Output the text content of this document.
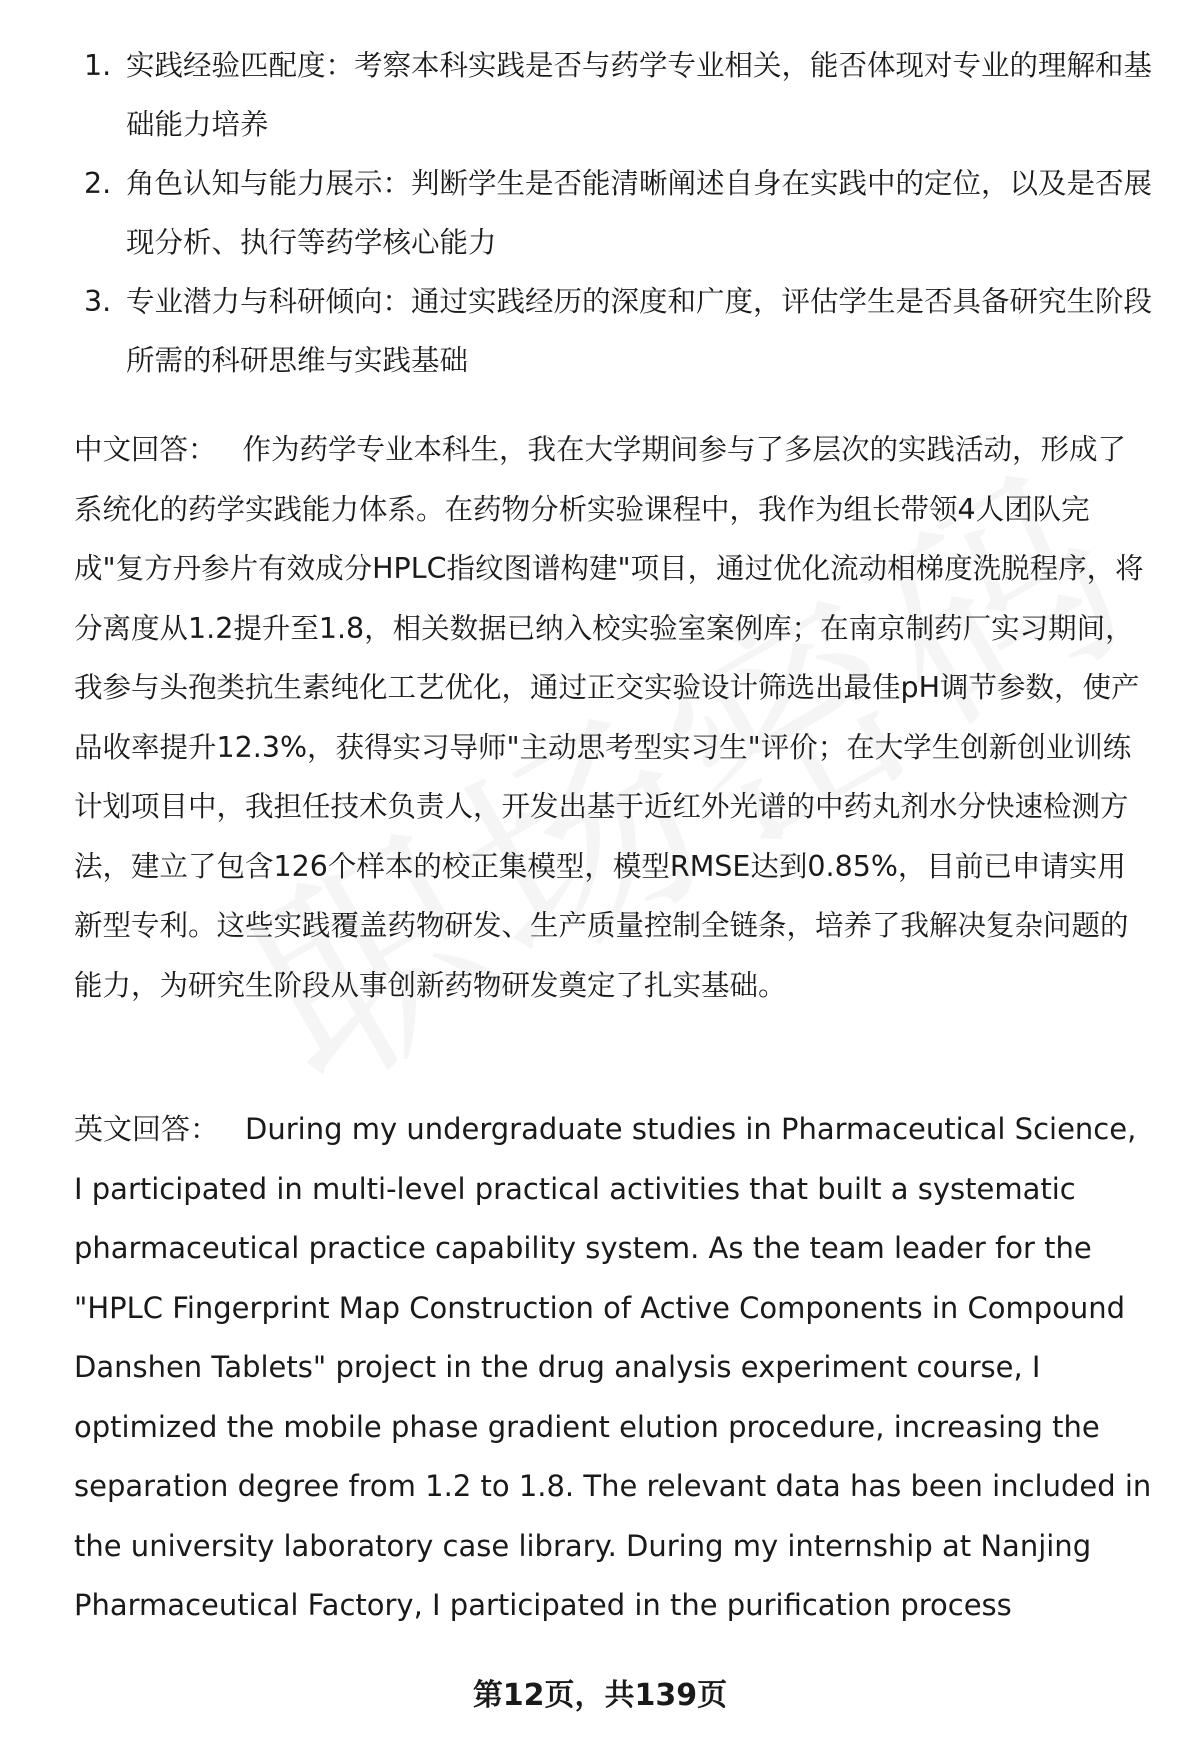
1. 实践经验匹配度：考察本科实践是否与药学专业相关，能否体现对专业的理解和基础能力培养
2. 角色认知与能力展示：判断学生是否能清晰阐述自身在实践中的定位，以及是否展现分析、执行等药学核心能力
3. 专业潜力与科研倾向：通过实践经历的深度和广度，评估学生是否具备研究生阶段所需的科研思维与实践基础
中文回答： 作为药学专业本科生，我在大学期间参与了多层次的实践活动，形成了系统化的药学实践能力体系。在药物分析实验课程中，我作为组长带领4人团队完成"复方丹参片有效成分HPLC指纹图谱构建"项目，通过优化流动相梯度洗脱程序，将分离度从1.2提升至1.8，相关数据已纳入校实验室案例库；在南京制药厂实习期间，我参与头孢类抗生素纯化工艺优化，通过正交实验设计筛选出最佳pH调节参数，使产品收率提升12.3%，获得实习导师"主动思考型实习生"评价；在大学生创新创业训练计划项目中，我担任技术负责人，开发出基于近红外光谱的中药丸剂水分快速检测方法，建立了包含126个样本的校正集模型，模型RMSE达到0.85%，目前已申请实用新型专利。这些实践覆盖药物研发、生产质量控制全链条，培养了我解决复杂问题的能力，为研究生阶段从事创新药物研发奠定了扎实基础。
英文回答： During my undergraduate studies in Pharmaceutical Science, I participated in multi-level practical activities that built a systematic pharmaceutical practice capability system. As the team leader for the "HPLC Fingerprint Map Construction of Active Components in Compound Danshen Tablets" project in the drug analysis experiment course, I optimized the mobile phase gradient elution procedure, increasing the separation degree from 1.2 to 1.8. The relevant data has been included in the university laboratory case library. During my internship at Nanjing Pharmaceutical Factory, I participated in the purification process
第12页，共139页
